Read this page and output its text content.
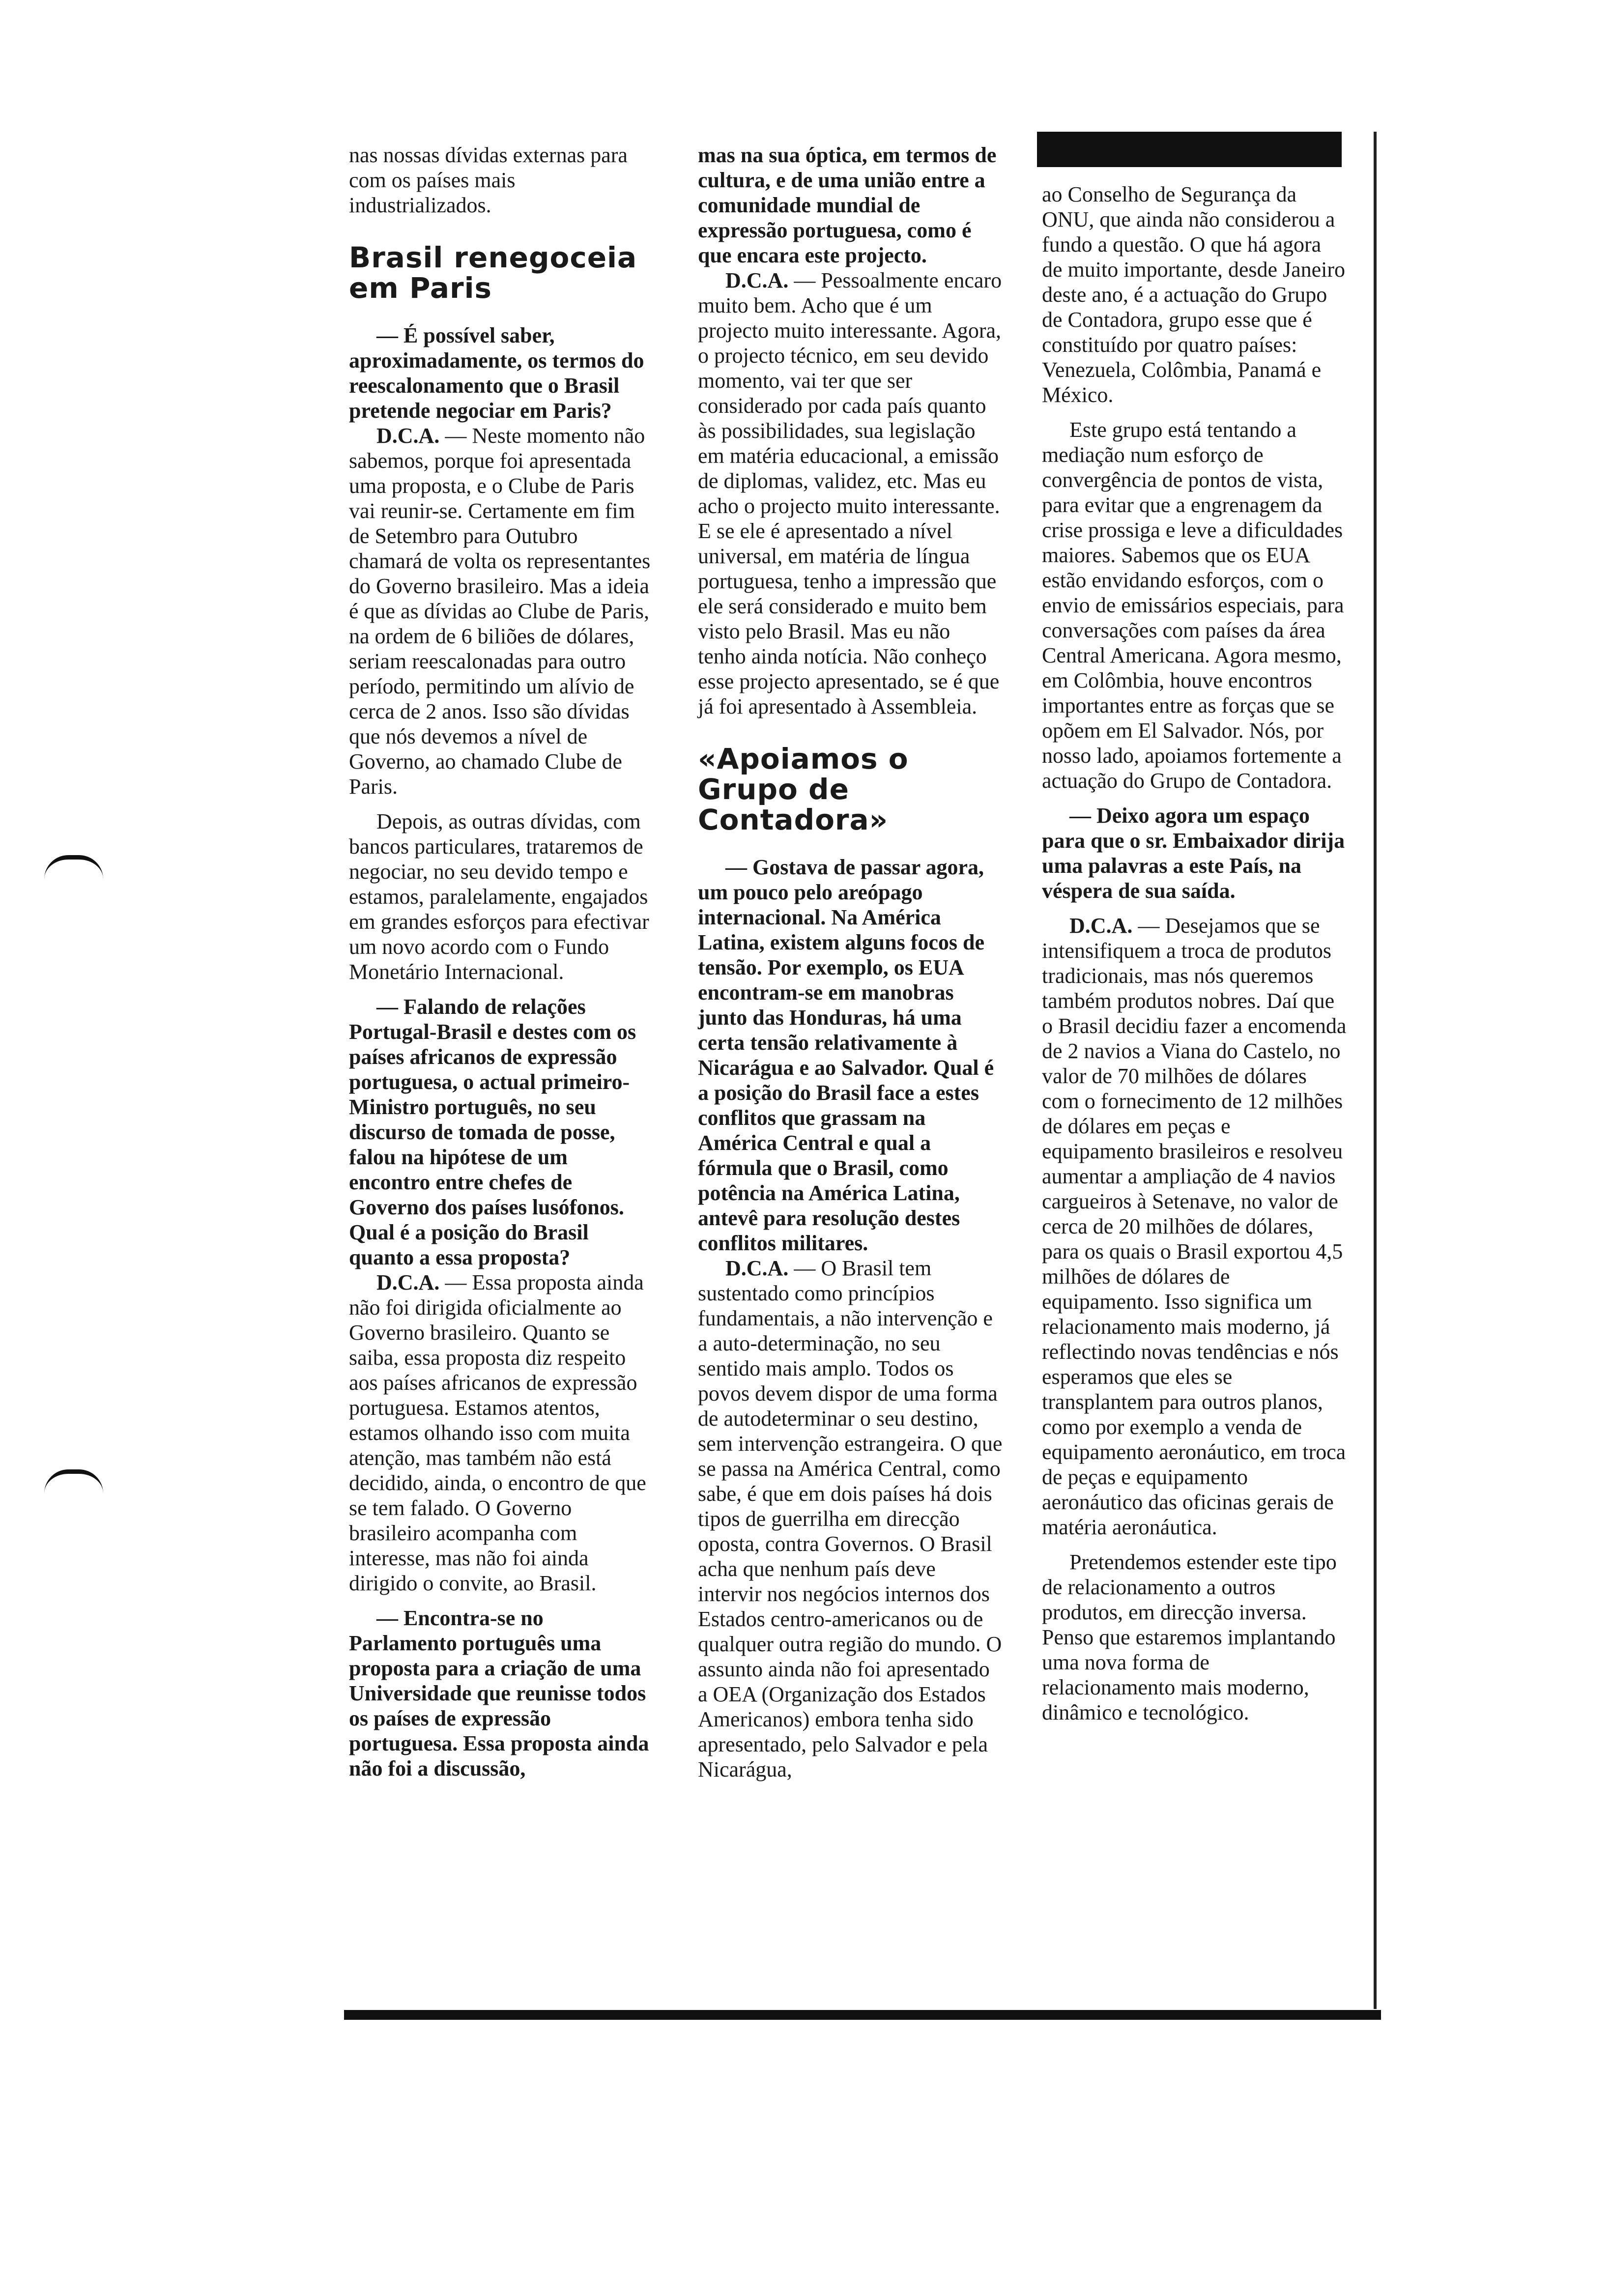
nas nossas dívidas externas para com os países mais industrializados.

Brasil renegoceia em Paris

— É possível saber, aproximadamente, os termos do reescalonamento que o Brasil pretende negociar em Paris?

D.C.A. — Neste momento não sabemos, porque foi apresentada uma proposta, e o Clube de Paris vai reunir-se. Certamente em fim de Setembro para Outubro chamará de volta os representantes do Governo brasileiro. Mas a ideia é que as dívidas ao Clube de Paris, na ordem de 6 biliões de dólares, seriam reescalonadas para outro período, permitindo um alívio de cerca de 2 anos. Isso são dívidas que nós devemos a nível de Governo, ao chamado Clube de Paris.

Depois, as outras dívidas, com bancos particulares, trataremos de negociar, no seu devido tempo e estamos, paralelamente, engajados em grandes esforços para efectivar um novo acordo com o Fundo Monetário Internacional.

— Falando de relações Portugal-Brasil e destes com os países africanos de expressão portuguesa, o actual primeiro-Ministro português, no seu discurso de tomada de posse, falou na hipótese de um encontro entre chefes de Governo dos países lusófonos. Qual é a posição do Brasil quanto a essa proposta?

D.C.A. — Essa proposta ainda não foi dirigida oficialmente ao Governo brasileiro. Quanto se saiba, essa proposta diz respeito aos países africanos de expressão portuguesa. Estamos atentos, estamos olhando isso com muita atenção, mas também não está decidido, ainda, o encontro de que se tem falado. O Governo brasileiro acompanha com interesse, mas não foi ainda dirigido o convite, ao Brasil.

— Encontra-se no Parlamento português uma proposta para a criação de uma Universidade que reunisse todos os países de expressão portuguesa. Essa proposta ainda não foi a discussão,

mas na sua óptica, em termos de cultura, e de uma união entre a comunidade mundial de expressão portuguesa, como é que encara este projecto.

D.C.A. — Pessoalmente encaro muito bem. Acho que é um projecto muito interessante. Agora, o projecto técnico, em seu devido momento, vai ter que ser considerado por cada país quanto às possibilidades, sua legislação em matéria educacional, a emissão de diplomas, validez, etc. Mas eu acho o projecto muito interessante. E se ele é apresentado a nível universal, em matéria de língua portuguesa, tenho a impressão que ele será considerado e muito bem visto pelo Brasil. Mas eu não tenho ainda notícia. Não conheço esse projecto apresentado, se é que já foi apresentado à Assembleia.

«Apoiamos o Grupo de Contadora»

— Gostava de passar agora, um pouco pelo areópago internacional. Na América Latina, existem alguns focos de tensão. Por exemplo, os EUA encontram-se em manobras junto das Honduras, há uma certa tensão relativamente à Nicarágua e ao Salvador. Qual é a posição do Brasil face a estes conflitos que grassam na América Central e qual a fórmula que o Brasil, como potência na América Latina, antevê para resolução destes conflitos militares.

D.C.A. — O Brasil tem sustentado como princípios fundamentais, a não intervenção e a auto-determinação, no seu sentido mais amplo. Todos os povos devem dispor de uma forma de autodeterminar o seu destino, sem intervenção estrangeira. O que se passa na América Central, como sabe, é que em dois países há dois tipos de guerrilha em direcção oposta, contra Governos. O Brasil acha que nenhum país deve intervir nos negócios internos dos Estados centro-americanos ou de qualquer outra região do mundo. O assunto ainda não foi apresentado a OEA (Organização dos Estados Americanos) embora tenha sido apresentado, pelo Salvador e pela Nicarágua,

ao Conselho de Segurança da ONU, que ainda não considerou a fundo a questão. O que há agora de muito importante, desde Janeiro deste ano, é a actuação do Grupo de Contadora, grupo esse que é constituído por quatro países: Venezuela, Colômbia, Panamá e México.

Este grupo está tentando a mediação num esforço de convergência de pontos de vista, para evitar que a engrenagem da crise prossiga e leve a dificuldades maiores. Sabemos que os EUA estão envidando esforços, com o envio de emissários especiais, para conversações com países da área Central Americana. Agora mesmo, em Colômbia, houve encontros importantes entre as forças que se opõem em El Salvador. Nós, por nosso lado, apoiamos fortemente a actuação do Grupo de Contadora.

— Deixo agora um espaço para que o sr. Embaixador dirija uma palavras a este País, na véspera de sua saída.

D.C.A. — Desejamos que se intensifiquem a troca de produtos tradicionais, mas nós queremos também produtos nobres. Daí que o Brasil decidiu fazer a encomenda de 2 navios a Viana do Castelo, no valor de 70 milhões de dólares com o fornecimento de 12 milhões de dólares em peças e equipamento brasileiros e resolveu aumentar a ampliação de 4 navios cargueiros à Setenave, no valor de cerca de 20 milhões de dólares, para os quais o Brasil exportou 4,5 milhões de dólares de equipamento. Isso significa um relacionamento mais moderno, já reflectindo novas tendências e nós esperamos que eles se transplantem para outros planos, como por exemplo a venda de equipamento aeronáutico, em troca de peças e equipamento aeronáutico das oficinas gerais de matéria aeronáutica.

Pretendemos estender este tipo de relacionamento a outros produtos, em direcção inversa. Penso que estaremos implantando uma nova forma de relacionamento mais moderno, dinâmico e tecnológico.
